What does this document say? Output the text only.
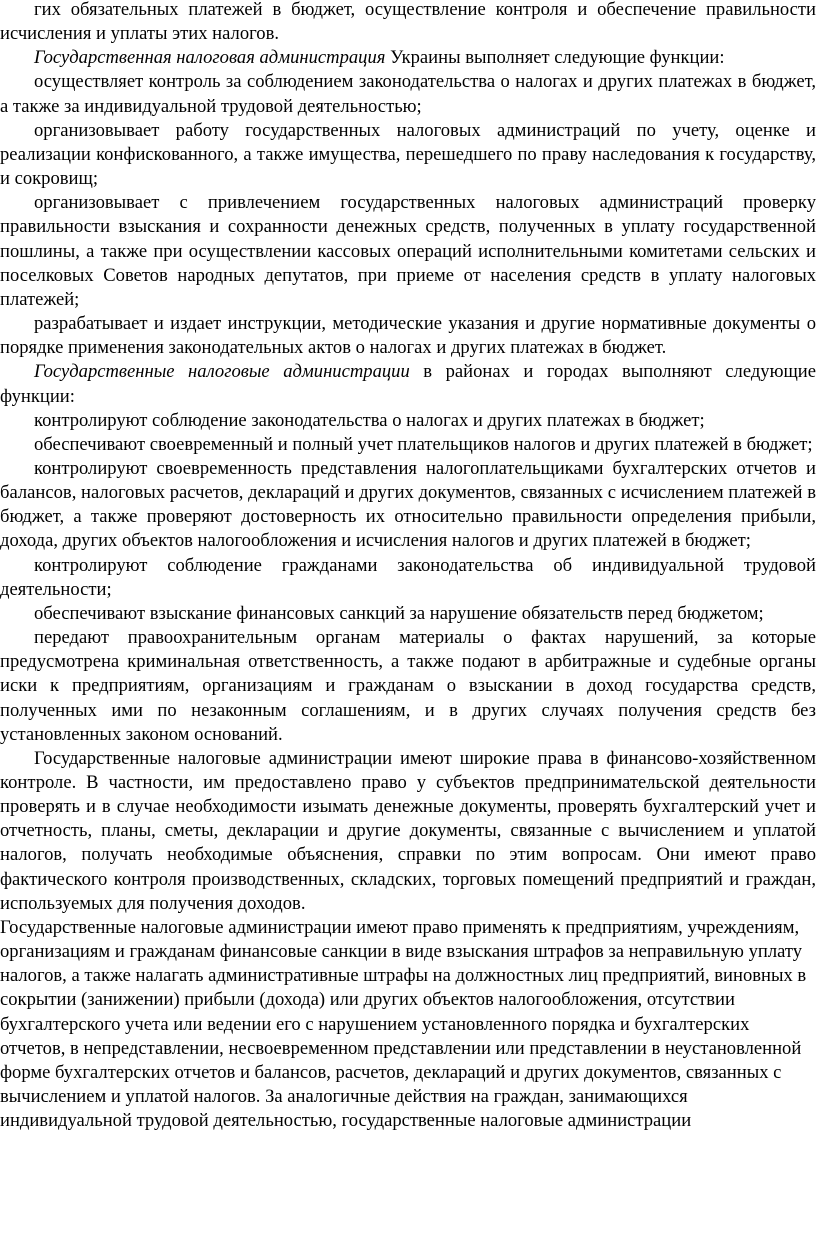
гих обязательных платежей в бюджет, осуществление контроля и обеспечение правильности исчисления и уплаты этих налогов.

Государственная налоговая администрация Украины выполняет следующие функции:

осуществляет контроль за соблюдением законодательства о налогах и других платежах в бюджет, а также за индивидуальной трудовой деятельностью;

организовывает работу государственных налоговых администраций по учету, оценке и реализации конфискованного, а также имущества, перешедшего по праву наследования к государству, и сокровищ;

организовывает с привлечением государственных налоговых администраций проверку правильности взыскания и сохранности денежных средств, полученных в уплату государственной пошлины, а также при осуществлении кассовых операций исполнительными комитетами сельских и поселковых Советов народных депутатов, при приеме от населения средств в уплату налоговых платежей;

разрабатывает и издает инструкции, методические указания и другие нормативные документы о порядке применения законодательных актов о налогах и других платежах в бюджет.

Государственные налоговые администрации в районах и городах выполняют следующие функции:

контролируют соблюдение законодательства о налогах и других платежах в бюджет;

обеспечивают своевременный и полный учет плательщиков налогов и других платежей в бюджет;

контролируют своевременность представления налогоплательщиками бухгалтерских отчетов и балансов, налоговых расчетов, деклараций и других документов, связанных с исчислением платежей в бюджет, а также проверяют достоверность их относительно правильности определения прибыли, дохода, других объектов налогообложения и исчисления налогов и других платежей в бюджет;

контролируют соблюдение гражданами законодательства об индивидуальной трудовой деятельности;

обеспечивают взыскание финансовых санкций за нарушение обязательств перед бюджетом;

передают правоохранительным органам материалы о фактах нарушений, за которые предусмотрена криминальная ответственность, а также подают в арбитражные и судебные органы иски к предприятиям, организациям и гражданам о взыскании в доход государства средств, полученных ими по незаконным соглашениям, и в других случаях получения средств без установленных законом оснований.

Государственные налоговые администрации имеют широкие права в финансово-хозяйственном контроле. В частности, им предоставлено право у субъектов предпринимательской деятельности проверять и в случае необходимости изымать денежные документы, проверять бухгалтерский учет и отчетность, планы, сметы, декларации и другие документы, связанные с вычислением и уплатой налогов, получать необходимые объяснения, справки по этим вопросам. Они имеют право фактического контроля производственных, складских, торговых помещений предприятий и граждан, используемых для получения доходов.

Государственные налоговые администрации имеют право применять к предприятиям, учреждениям, организациям и гражданам финансовые санкции в виде взыскания штрафов за неправильную уплату налогов, а также налагать административные штрафы на должностных лиц предприятий, виновных в сокрытии (занижении) прибыли (дохода) или других объектов налогообложения, отсутствии бухгалтерского учета или ведении его с нарушением установленного порядка и бухгалтерских отчетов, в непредставлении, несвоевременном представлении или представлении в неустановленной форме бухгалтерских отчетов и балансов, расчетов, деклараций и других документов, связанных с вычислением и уплатой налогов. За аналогичные действия на граждан, занимающихся индивидуальной трудовой деятельностью, государственные налоговые администрации
